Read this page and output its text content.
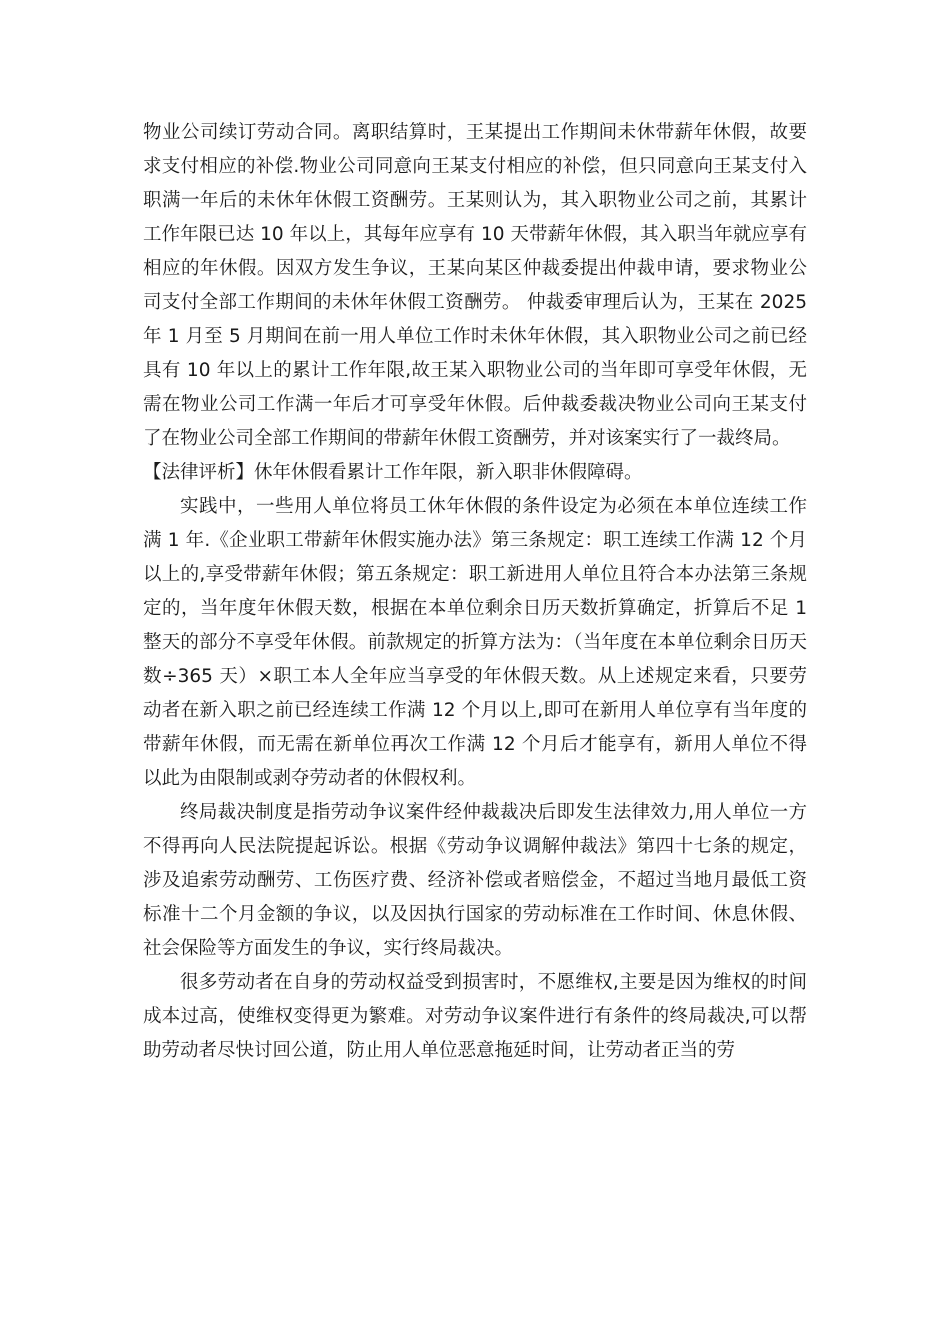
物业公司续订劳动合同。离职结算时，王某提出工作期间未休带薪年休假，故要求支付相应的补偿.物业公司同意向王某支付相应的补偿，但只同意向王某支付入职满一年后的未休年休假工资酬劳。王某则认为，其入职物业公司之前，其累计工作年限已达 10 年以上，其每年应享有 10 天带薪年休假，其入职当年就应享有相应的年休假。因双方发生争议，王某向某区仲裁委提出仲裁申请，要求物业公司支付全部工作期间的未休年休假工资酬劳。 仲裁委审理后认为，王某在 2025 年 1 月至 5 月期间在前一用人单位工作时未休年休假，其入职物业公司之前已经具有 10 年以上的累计工作年限,故王某入职物业公司的当年即可享受年休假，无需在物业公司工作满一年后才可享受年休假。后仲裁委裁决物业公司向王某支付了在物业公司全部工作期间的带薪年休假工资酬劳，并对该案实行了一裁终局。

【法律评析】休年休假看累计工作年限，新入职非休假障碍。

实践中，一些用人单位将员工休年休假的条件设定为必须在本单位连续工作满 1 年.《企业职工带薪年休假实施办法》第三条规定：职工连续工作满 12 个月以上的,享受带薪年休假；第五条规定：职工新进用人单位且符合本办法第三条规定的，当年度年休假天数，根据在本单位剩余日历天数折算确定，折算后不足 1 整天的部分不享受年休假。前款规定的折算方法为：（当年度在本单位剩余日历天数÷365 天）×职工本人全年应当享受的年休假天数。从上述规定来看，只要劳动者在新入职之前已经连续工作满 12 个月以上,即可在新用人单位享有当年度的带薪年休假，而无需在新单位再次工作满 12 个月后才能享有，新用人单位不得以此为由限制或剥夺劳动者的休假权利。

终局裁决制度是指劳动争议案件经仲裁裁决后即发生法律效力,用人单位一方不得再向人民法院提起诉讼。根据《劳动争议调解仲裁法》第四十七条的规定，涉及追索劳动酬劳、工伤医疗费、经济补偿或者赔偿金，不超过当地月最低工资标准十二个月金额的争议，以及因执行国家的劳动标准在工作时间、休息休假、社会保险等方面发生的争议，实行终局裁决。

很多劳动者在自身的劳动权益受到损害时，不愿维权,主要是因为维权的时间成本过高，使维权变得更为繁难。对劳动争议案件进行有条件的终局裁决,可以帮助劳动者尽快讨回公道，防止用人单位恶意拖延时间，让劳动者正当的劳
